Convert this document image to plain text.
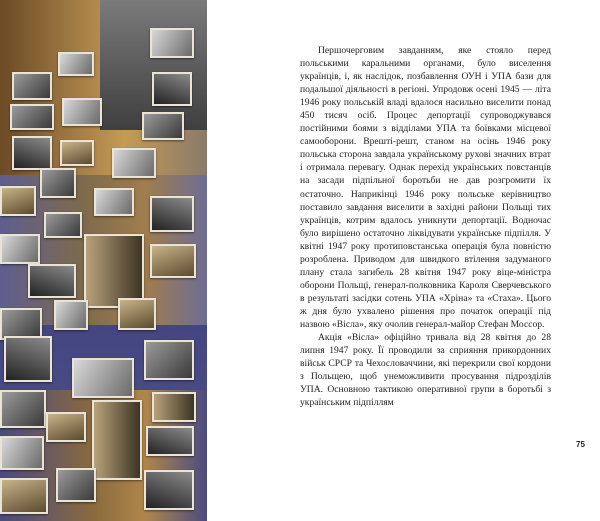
Першочерговим завданням, яке стояло перед польськими каральними органами, було виселення українців, і, як наслідок, позбавлення ОУН і УПА бази для подальшої діяльності в регіоні. Упродовж осені 1945 — літа 1946 року польській владі вдалося насильно виселити понад 450 тисяч осіб. Процес депортації супроводжувався постійними боями з відділами УПА та боївками місцевої самооборони. Врешті-решт, станом на осінь 1946 року польська сторона завдала українському рухові значних втрат і отримала перевагу. Однак перехід українських повстанців на засади підпільної боротьби не дав розгромити їх остаточно. Наприкінці 1946 року польське керівництво поставило завдання виселити в західні райони Польщі тих українців, котрим вдалось уникнути депортації. Водночас було вирішено остаточно ліквідувати українське підпілля. У квітні 1947 року протиповстанська операція була повністю розроблена. Приводом для швидкого втілення задуманого плану стала загибель 28 квітня 1947 року віце-міністра оборони Польщі, генерал-полковника Кароля Сверчевського в результаті засідки сотень УПА «Хріна» та «Стаха». Цього ж дня було ухвалено рішення про початок операції під назвою «Вісла», яку очолив генерал-майор Стефан Моссор.

Акція «Вісла» офіційно тривала від 28 квітня до 28 липня 1947 року. Її проводили за сприяння прикордонних військ СРСР та Чехословаччини, які перекрили свої кордони з Польщею, щоб унеможливити просування підрозділів УПА. Основною тактикою оперативної групи в боротьбі з українським підпіллям

75
